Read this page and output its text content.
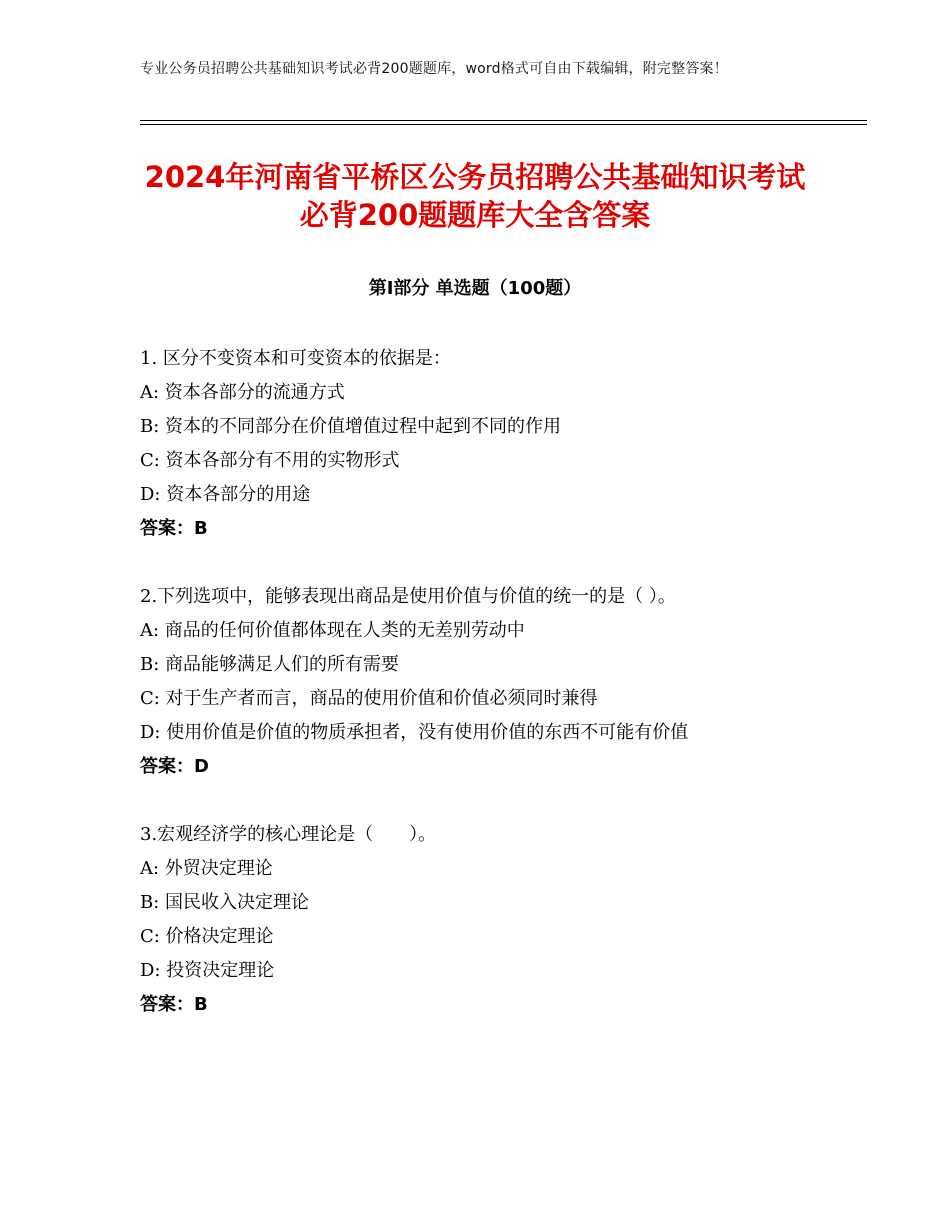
专业公务员招聘公共基础知识考试必背200题题库，word格式可自由下载编辑，附完整答案！
2024年河南省平桥区公务员招聘公共基础知识考试必背200题题库大全含答案
第Ⅰ部分 单选题（100题）
1. 区分不变资本和可变资本的依据是：
A: 资本各部分的流通方式
B: 资本的不同部分在价值增值过程中起到不同的作用
C: 资本各部分有不用的实物形式
D: 资本各部分的用途
答案：B
2.下列选项中，能够表现出商品是使用价值与价值的统一的是（ ）。
A: 商品的任何价值都体现在人类的无差别劳动中
B: 商品能够满足人们的所有需要
C: 对于生产者而言，商品的使用价值和价值必须同时兼得
D: 使用价值是价值的物质承担者，没有使用价值的东西不可能有价值
答案：D
3.宏观经济学的核心理论是（　　）。
A: 外贸决定理论
B: 国民收入决定理论
C: 价格决定理论
D: 投资决定理论
答案：B
